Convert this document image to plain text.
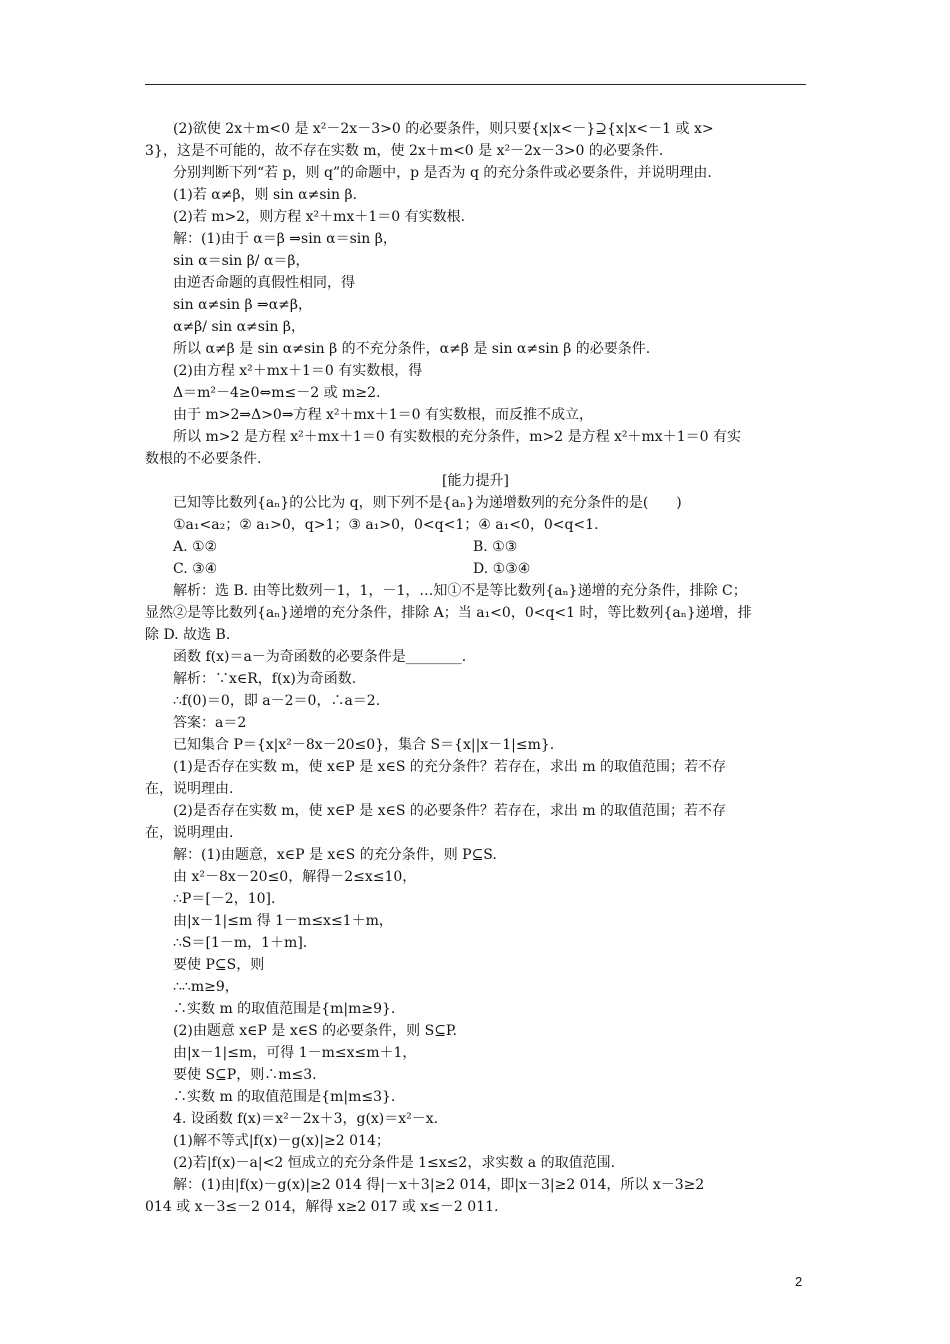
(2)欲使 2x＋m<0 是 x²－2x－3>0 的必要条件，则只要{x|x<－}⊇{x|x<－1 或 x>
3}，这是不可能的，故不存在实数 m，使 2x＋m<0 是 x²－2x－3>0 的必要条件.
分别判断下列“若 p，则 q”的命题中，p 是否为 q 的充分条件或必要条件，并说明理由.
(1)若 α≠β，则 sin α≠sin β.
(2)若 m>2，则方程 x²＋mx＋1＝0 有实数根.
解：(1)由于 α＝β ⇒sin α＝sin β，
sin α＝sin β/ α＝β，
由逆否命题的真假性相同，得
sin α≠sin β ⇒α≠β，
α≠β/ sin α≠sin β，
所以 α≠β 是 sin α≠sin β 的不充分条件，α≠β 是 sin α≠sin β 的必要条件.
(2)由方程 x²＋mx＋1＝0 有实数根，得
Δ＝m²－4≥0⇔m≤－2 或 m≥2.
由于 m>2⇒Δ>0⇒方程 x²＋mx＋1＝0 有实数根，而反推不成立，
所以 m>2 是方程 x²＋mx＋1＝0 有实数根的充分条件，m>2 是方程 x²＋mx＋1＝0 有实
数根的不必要条件.
[能力提升]
已知等比数列{aₙ}的公比为 q，则下列不是{aₙ}为递增数列的充分条件的是(　　)
①a₁<a₂；② a₁>0，q>1；③ a₁>0，0<q<1；④ a₁<0，0<q<1.
A. ①②	B. ①③
C. ③④	D. ①③④
解析：选 B. 由等比数列－1，1，－1，…知①不是等比数列{aₙ}递增的充分条件，排除 C；
显然②是等比数列{aₙ}递增的充分条件，排除 A；当 a₁<0，0<q<1 时，等比数列{aₙ}递增，排
除 D. 故选 B.
函数 f(x)＝a－为奇函数的必要条件是________.
解析：∵x∈R，f(x)为奇函数.
∴f(0)＝0，即 a－2＝0，∴a＝2.
答案：a＝2
已知集合 P＝{x|x²－8x－20≤0}，集合 S＝{x||x－1|≤m}.
(1)是否存在实数 m，使 x∈P 是 x∈S 的充分条件？若存在，求出 m 的取值范围；若不存
在，说明理由.
(2)是否存在实数 m，使 x∈P 是 x∈S 的必要条件？若存在，求出 m 的取值范围；若不存
在，说明理由.
解：(1)由题意，x∈P 是 x∈S 的充分条件，则 P⊆S.
由 x²－8x－20≤0，解得－2≤x≤10，
∴P＝[－2，10].
由|x－1|≤m 得 1－m≤x≤1＋m，
∴S＝[1－m，1＋m].
要使 P⊆S，则
∴∴m≥9，
∴实数 m 的取值范围是{m|m≥9}.
(2)由题意 x∈P 是 x∈S 的必要条件，则 S⊆P.
由|x－1|≤m，可得 1－m≤x≤m＋1，
要使 S⊆P，则∴m≤3.
∴实数 m 的取值范围是{m|m≤3}.
4. 设函数 f(x)＝x²－2x＋3，g(x)＝x²－x.
(1)解不等式|f(x)－g(x)|≥2 014；
(2)若|f(x)－a|<2 恒成立的充分条件是 1≤x≤2，求实数 a 的取值范围.
解：(1)由|f(x)－g(x)|≥2 014 得|－x＋3|≥2 014，即|x－3|≥2 014，所以 x－3≥2
014 或 x－3≤－2 014，解得 x≥2 017 或 x≤－2 011.
2
